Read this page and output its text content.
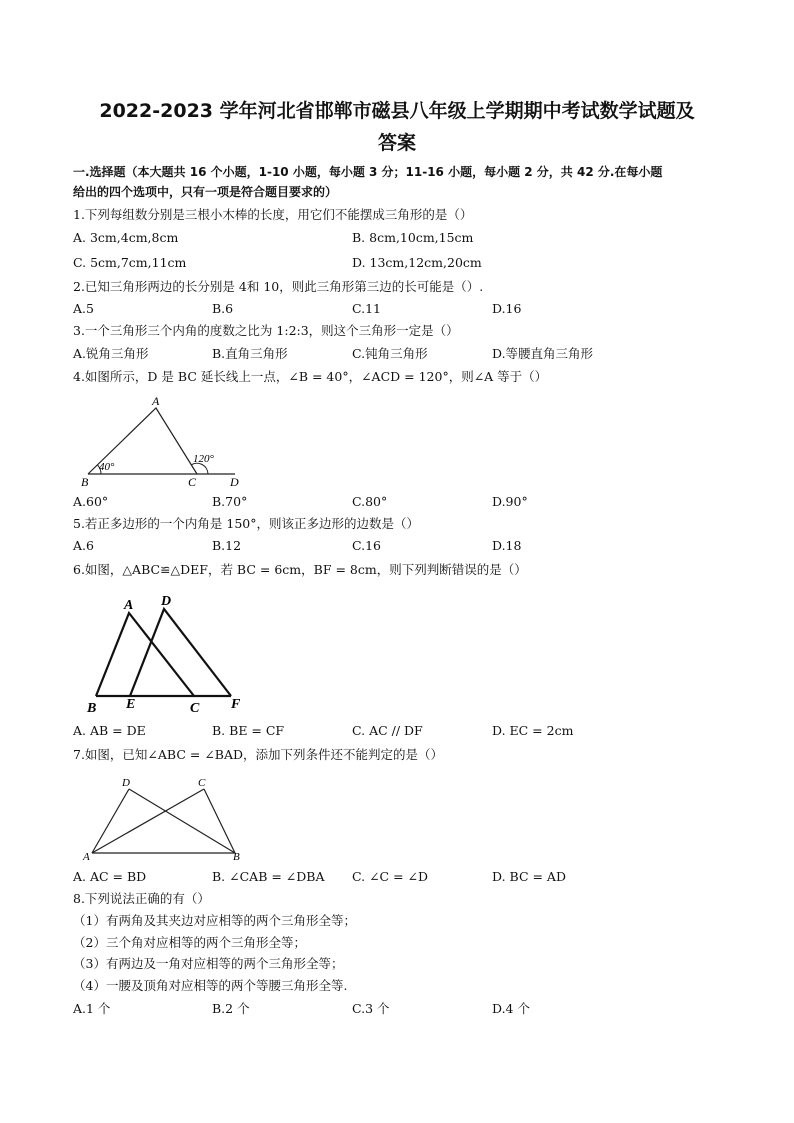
2022-2023 学年河北省邯郸市磁县八年级上学期期中考试数学试题及
答案
一.选择题（本大题共 16 个小题，1-10 小题，每小题 3 分；11-16 小题，每小题 2 分，共 42 分.在每小题
给出的四个选项中，只有一项是符合题目要求的）
1.下列每组数分别是三根小木棒的长度，用它们不能摆成三角形的是（）
A. 3cm,4cm,8cm	B. 8cm,10cm,15cm
C. 5cm,7cm,11cm	D. 13cm,12cm,20cm
2.已知三角形两边的长分别是 4和 10，则此三角形第三边的长可能是（）.
A.5	B.6	C.11	D.16
3.一个三角形三个内角的度数之比为 1:2:3，则这个三角形一定是（）
A.锐角三角形	B.直角三角形	C.钝角三角形	D.等腰直角三角形
4.如图所示，D 是 BC 延长线上一点，∠B = 40°，∠ACD = 120°，则∠A 等于（）
A
B	C	D
40°
120°
A.60°	B.70°	C.80°	D.90°
5.若正多边形的一个内角是 150°，则该正多边形的边数是（）
A.6	B.12	C.16	D.18
6.如图，△ABC≌△DEF，若 BC = 6cm，BF = 8cm，则下列判断错误的是（）
A D
B E	C F
A. AB = DE	B. BE = CF	C. AC // DF	D. EC = 2cm
7.如图，已知∠ABC = ∠BAD，添加下列条件还不能判定的是（）
D	C
A	B
A. AC = BD	B. ∠CAB = ∠DBA C. ∠C = ∠D	D. BC = AD
8.下列说法正确的有（）
（1）有两角及其夹边对应相等的两个三角形全等；
（2）三个角对应相等的两个三角形全等；
（3）有两边及一角对应相等的两个三角形全等；
（4）一腰及顶角对应相等的两个等腰三角形全等.
A.1 个	B.2 个	C.3 个	D.4 个
